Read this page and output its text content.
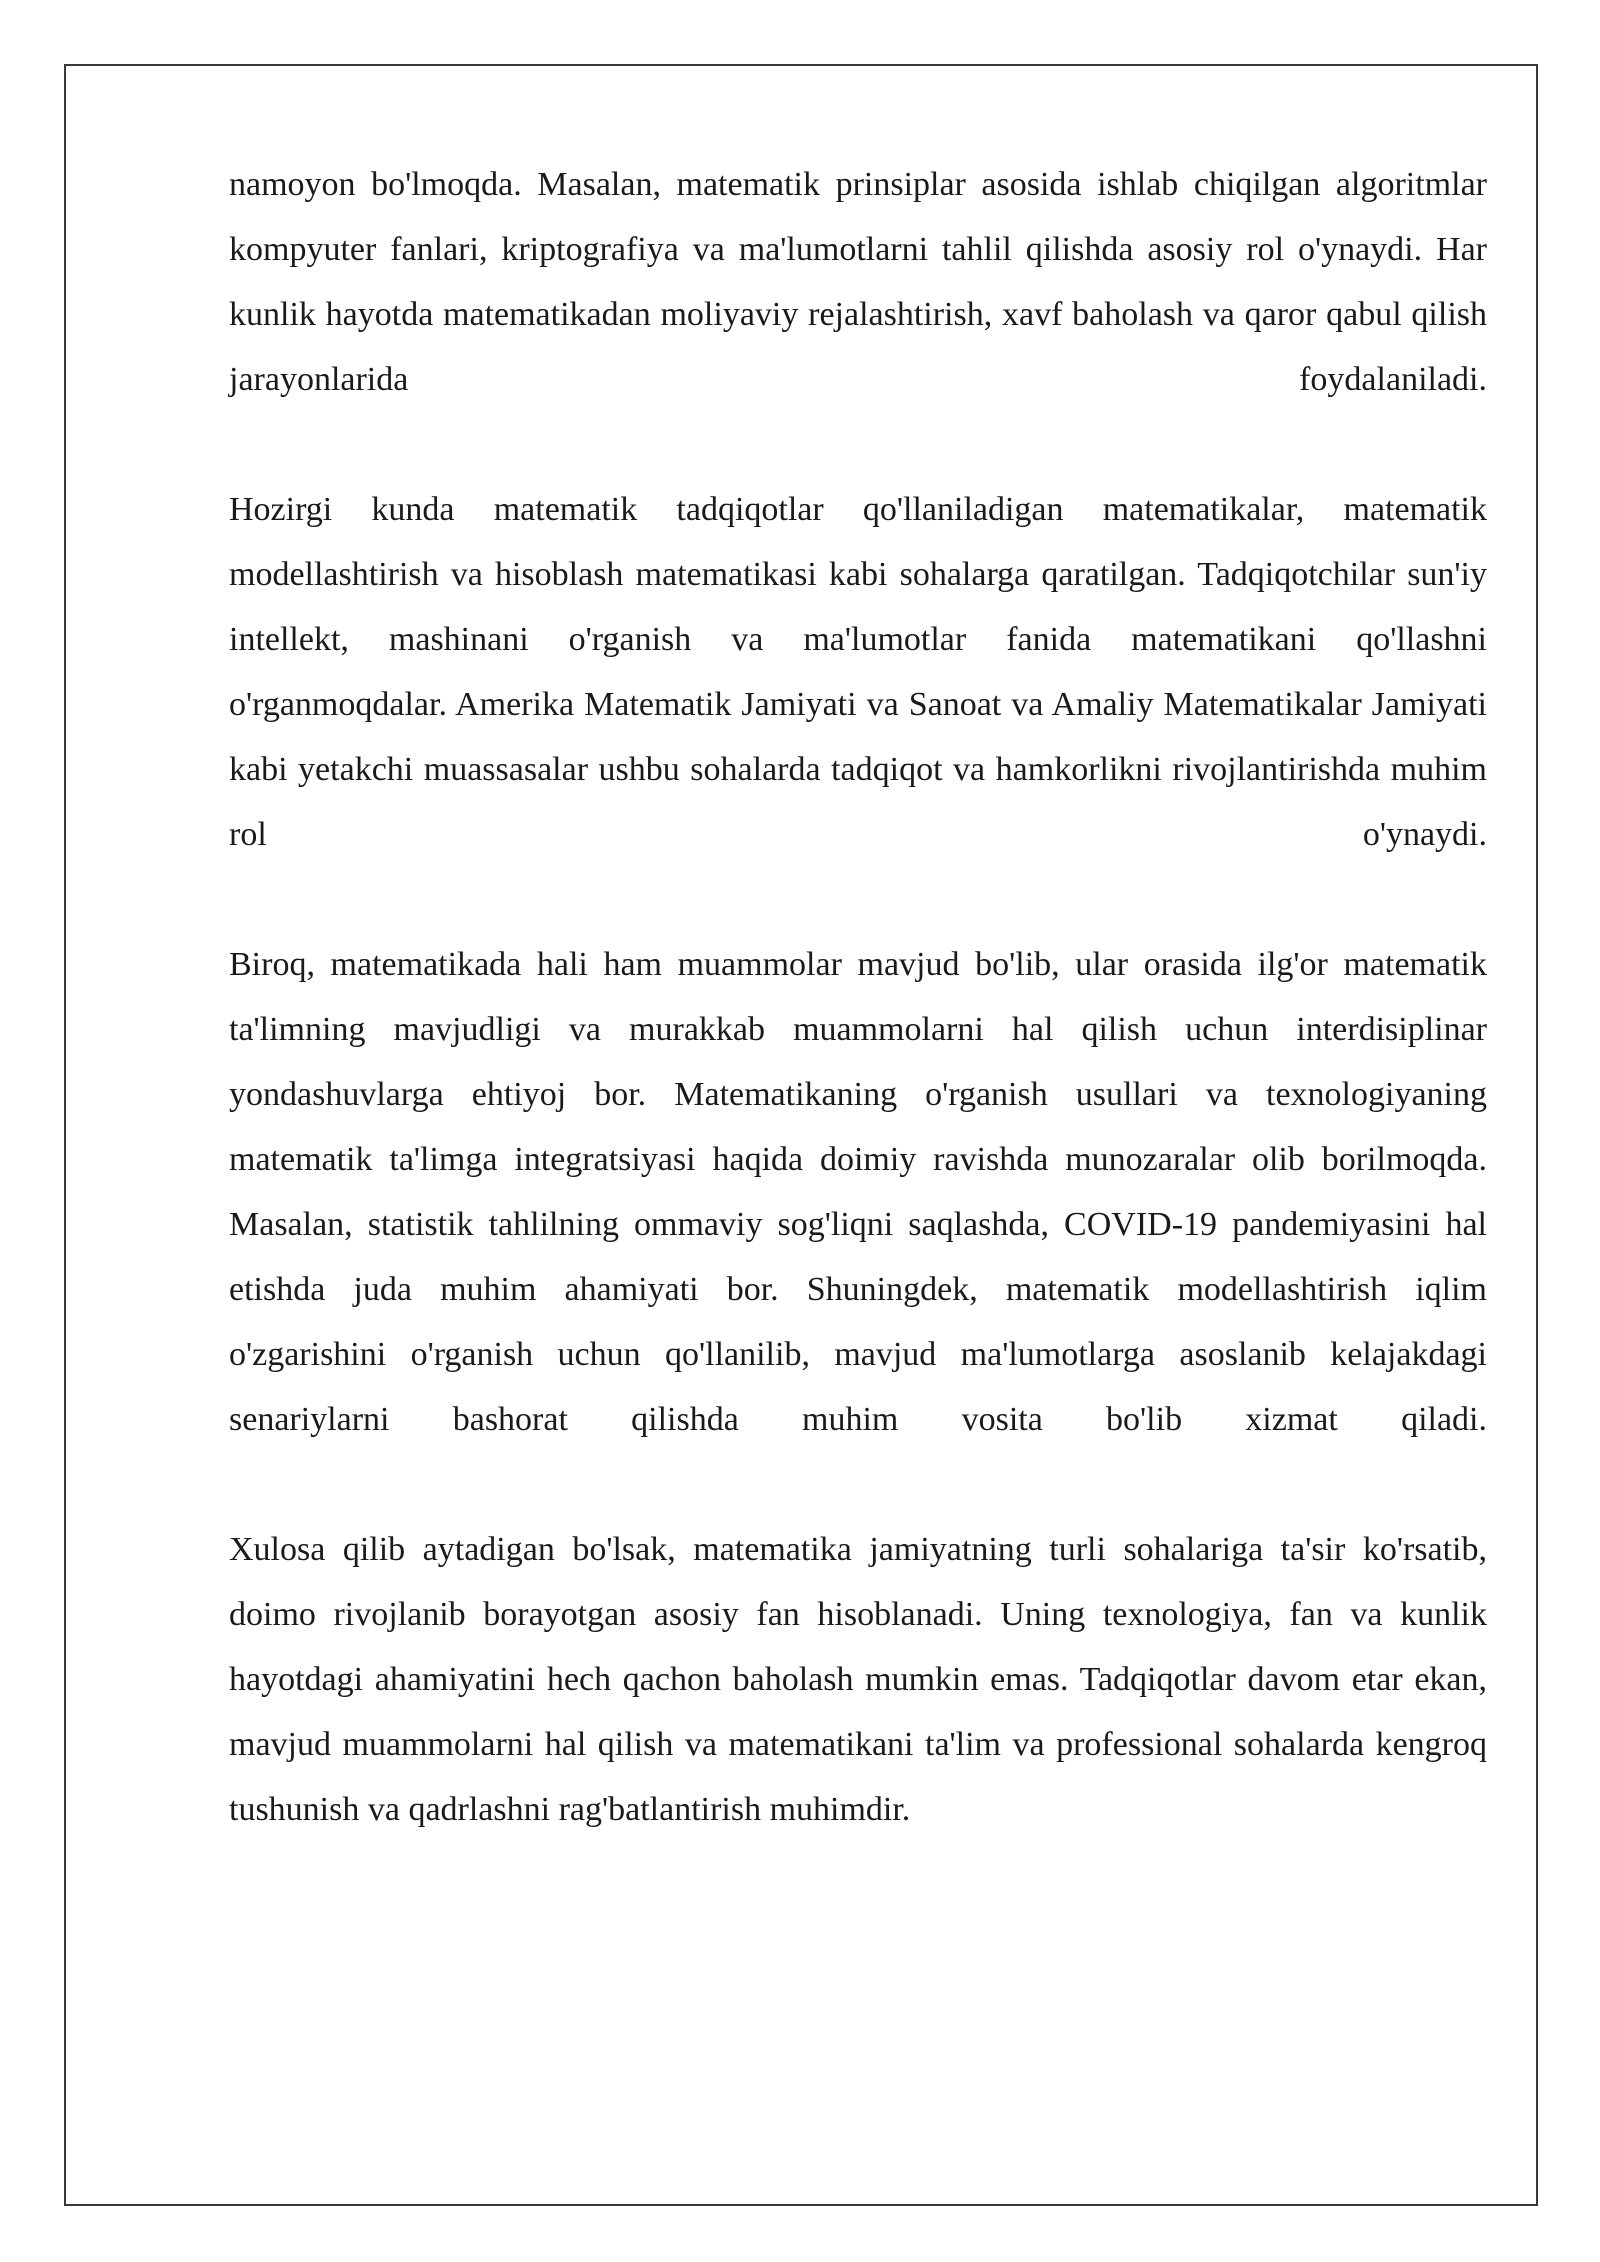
namoyon bo'lmoqda. Masalan, matematik prinsiplar asosida ishlab chiqilgan algoritmlar kompyuter fanlari, kriptografiya va ma'lumotlarni tahlil qilishda asosiy rol o'ynaydi. Har kunlik hayotda matematikadan moliyaviy rejalashtirish, xavf baholash va qaror qabul qilish jarayonlarida foydalaniladi.

Hozirgi kunda matematik tadqiqotlar qo'llaniladigan matematikalar, matematik modellashtirish va hisoblash matematikasi kabi sohalarga qaratilgan. Tadqiqotchilar sun'iy intellekt, mashinani o'rganish va ma'lumotlar fanida matematikani qo'llashni o'rganmoqdalar. Amerika Matematik Jamiyati va Sanoat va Amaliy Matematikalar Jamiyati kabi yetakchi muassasalar ushbu sohalarda tadqiqot va hamkorlikni rivojlantirishda muhim rol o'ynaydi.

Biroq, matematikada hali ham muammolar mavjud bo'lib, ular orasida ilg'or matematik ta'limning mavjudligi va murakkab muammolarni hal qilish uchun interdisiplinar yondashuvlarga ehtiyoj bor. Matematikaning o'rganish usullari va texnologiyaning matematik ta'limga integratsiyasi haqida doimiy ravishda munozaralar olib borilmoqda. Masalan, statistik tahlilning ommaviy sog'liqni saqlashda, COVID-19 pandemiyasini hal etishda juda muhim ahamiyati bor. Shuningdek, matematik modellashtirish iqlim o'zgarishini o'rganish uchun qo'llanilib, mavjud ma'lumotlarga asoslanib kelajakdagi senariylarni bashorat qilishda muhim vosita bo'lib xizmat qiladi.

Xulosa qilib aytadigan bo'lsak, matematika jamiyatning turli sohalariga ta'sir ko'rsatib, doimo rivojlanib borayotgan asosiy fan hisoblanadi. Uning texnologiya, fan va kunlik hayotdagi ahamiyatini hech qachon baholash mumkin emas. Tadqiqotlar davom etar ekan, mavjud muammolarni hal qilish va matematikani ta'lim va professional sohalarda kengroq tushunish va qadrlashni rag'batlantirish muhimdir.
